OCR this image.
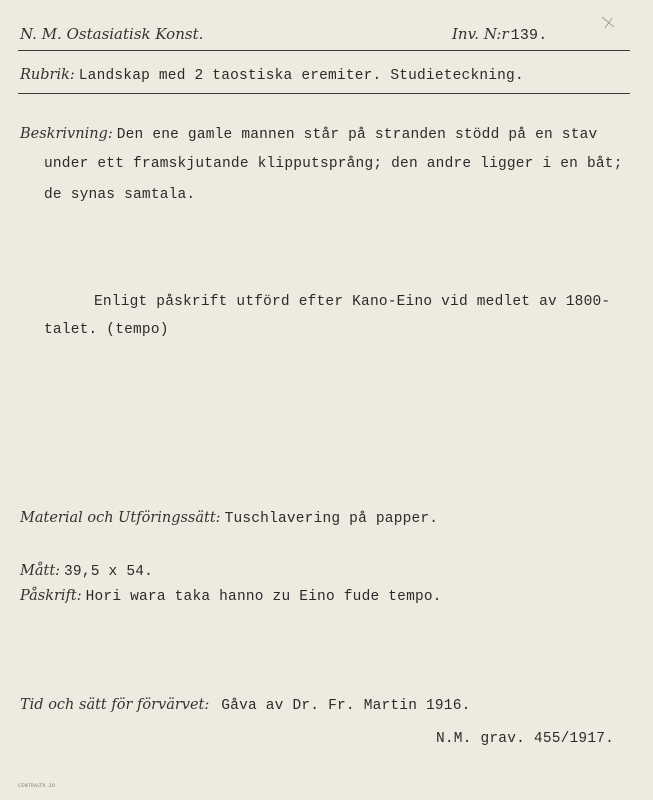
N. M. Ostasiatisk Konst.	Inv. N:r 139.
Rubrik: Landskap med 2 taostiska eremiter. Studieteckning.
Beskrivning: Den ene gamle mannen står på stranden stödd på en stav
under ett framskjutande klipputsprång; den andre ligger i en båt;
de synas samtala.
Enligt påskrift utförd efter Kano-Eino vid medlet av 1800-
talet. (tempo)
Material och Utföringssätt: Tuschlavering på papper.
Mått: 39,5 x 54.
Påskrift: Hori wara taka hanno zu Eino fude tempo.
Tid och sätt för förvärvet: Gåva av Dr. Fr. Martin 1916.
N.M. grav. 455/1917.
CENTRALTR. 20
